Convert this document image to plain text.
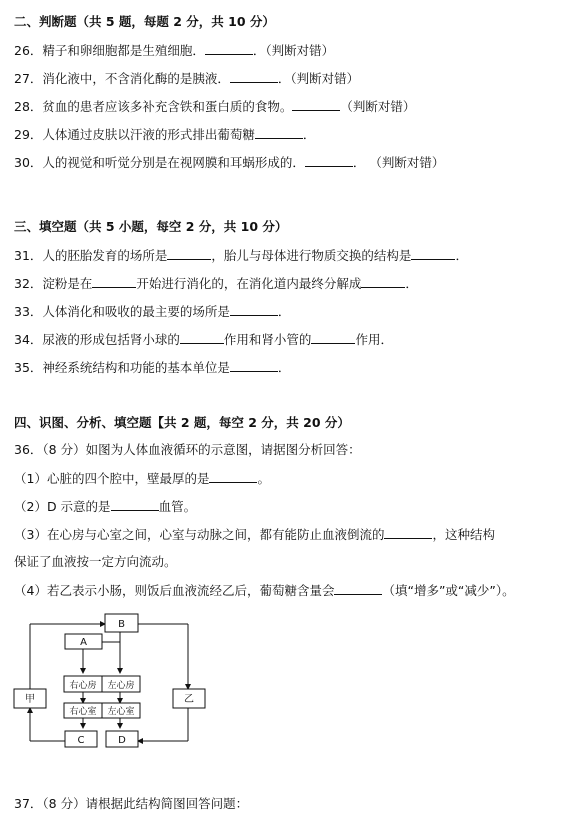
二、判断题（共 5 题，每题 2 分，共 10 分）
26．精子和卵细胞都是生殖细胞．	．（判断对错）
27．消化液中，不含消化酶的是胰液．	．（判断对错）
28．贫血的患者应该多补充含铁和蛋白质的食物。	（判断对错）
29．人体通过皮肤以汗液的形式排出葡萄糖	．
30．人的视觉和听觉分别是在视网膜和耳蜗形成的．	． （判断对错）
三、填空题（共 5 小题，每空 2 分，共 10 分）
31．人的胚胎发育的场所是	，胎儿与母体进行物质交换的结构是	．
32．淀粉是在	开始进行消化的，在消化道内最终分解成	．
33．人体消化和吸收的最主要的场所是	．
34．尿液的形成包括肾小球的	作用和肾小管的	作用．
35．神经系统结构和功能的基本单位是	．
四、识图、分析、填空题【共 2 题，每空 2 分，共 20 分）
36．（8 分）如图为人体血液循环的示意图，请据图分析回答：
（1）心脏的四个腔中，壁最厚的是	。
（2）D 示意的是	血管。
（3）在心房与心室之间，心室与动脉之间，都有能防止血液倒流的	，这种结构
保证了血液按一定方向流动。
（4）若乙表示小肠，则饭后血液流经乙后，葡萄糖含量会	（填“增多”或“减少”）。
B
A
右心房 左心房
右心室 左心室
C	D
甲	乙
37．（8 分）请根据此结构简图回答问题：
